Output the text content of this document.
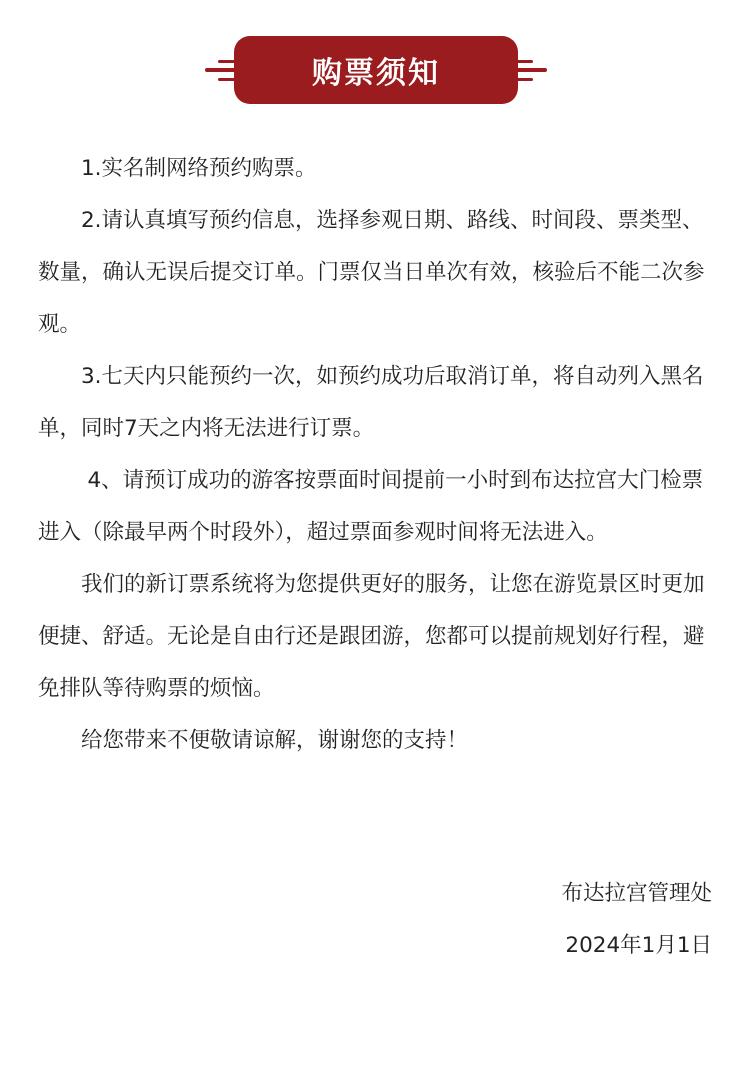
购票须知

1.实名制网络预约购票。

2.请认真填写预约信息，选择参观日期、路线、时间段、票类型、数量，确认无误后提交订单。门票仅当日单次有效，核验后不能二次参观。

3.七天内只能预约一次，如预约成功后取消订单，将自动列入黑名单，同时7天之内将无法进行订票。

4、请预订成功的游客按票面时间提前一小时到布达拉宫大门检票进入（除最早两个时段外），超过票面参观时间将无法进入。

我们的新订票系统将为您提供更好的服务，让您在游览景区时更加便捷、舒适。无论是自由行还是跟团游，您都可以提前规划好行程，避免排队等待购票的烦恼。

给您带来不便敬请谅解，谢谢您的支持！

布达拉宫管理处
2024年1月1日
